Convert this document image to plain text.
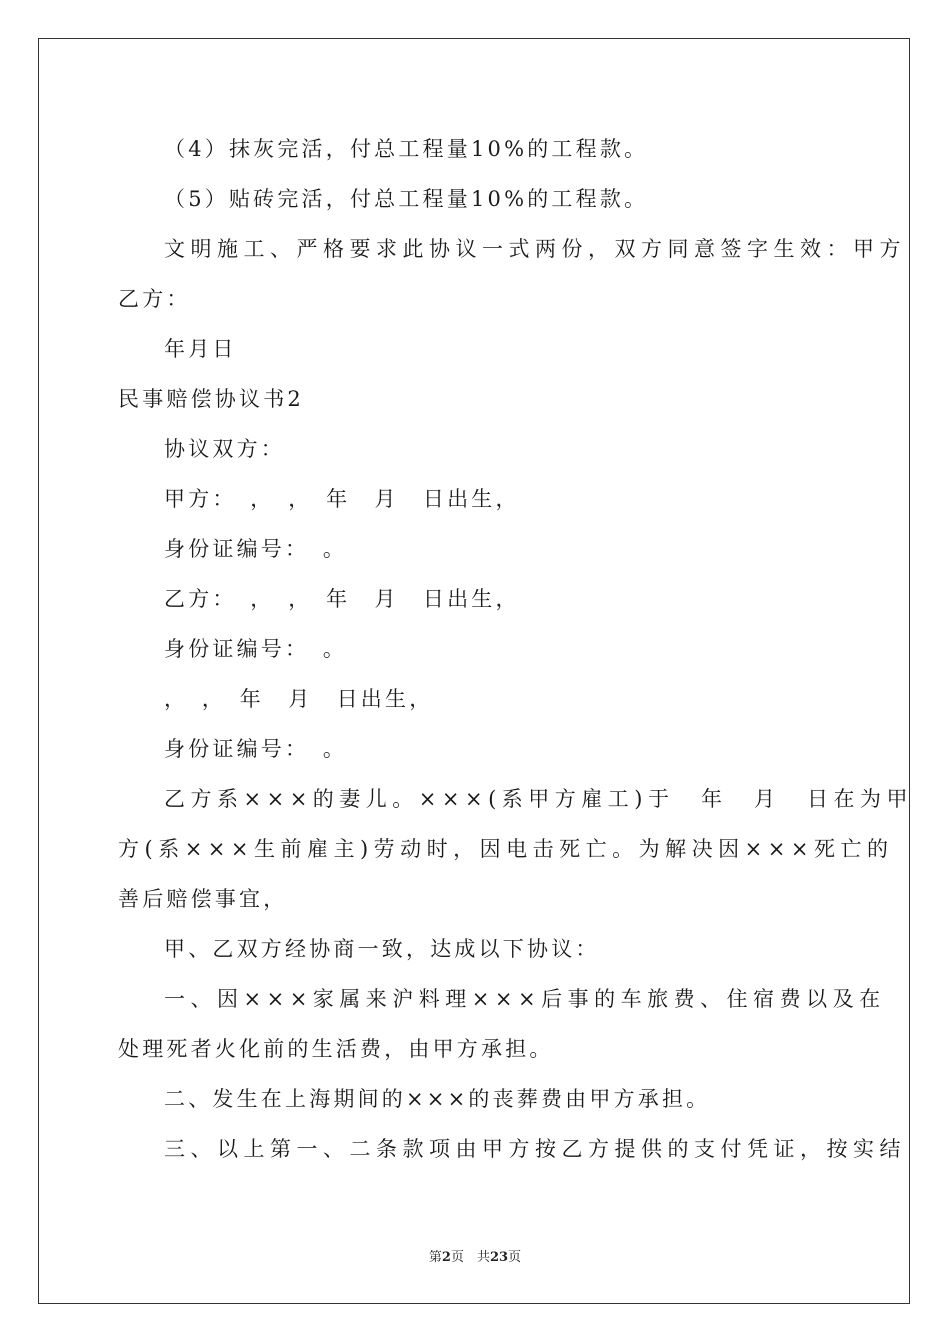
（4）抹灰完活，付总工程量10%的工程款。
（5）贴砖完活，付总工程量10%的工程款。
文明施工、严格要求此协议一式两份，双方同意签字生效：甲方
乙方：
年月日
民事赔偿协议书2
协议双方：
甲方：　，　，　年　月　日出生，
身份证编号：　。
乙方：　，　，　年　月　日出生，
身份证编号：　。
，　，　年　月　日出生，
身份证编号：　。
乙方系×××的妻儿。×××(系甲方雇工)于　年　月　日在为甲
方(系×××生前雇主)劳动时，因电击死亡。为解决因×××死亡的
善后赔偿事宜，
甲、乙双方经协商一致，达成以下协议：
一、因×××家属来沪料理×××后事的车旅费、住宿费以及在
处理死者火化前的生活费，由甲方承担。
二、发生在上海期间的×××的丧葬费由甲方承担。
三、以上第一、二条款项由甲方按乙方提供的支付凭证，按实结
第2页　共23页
